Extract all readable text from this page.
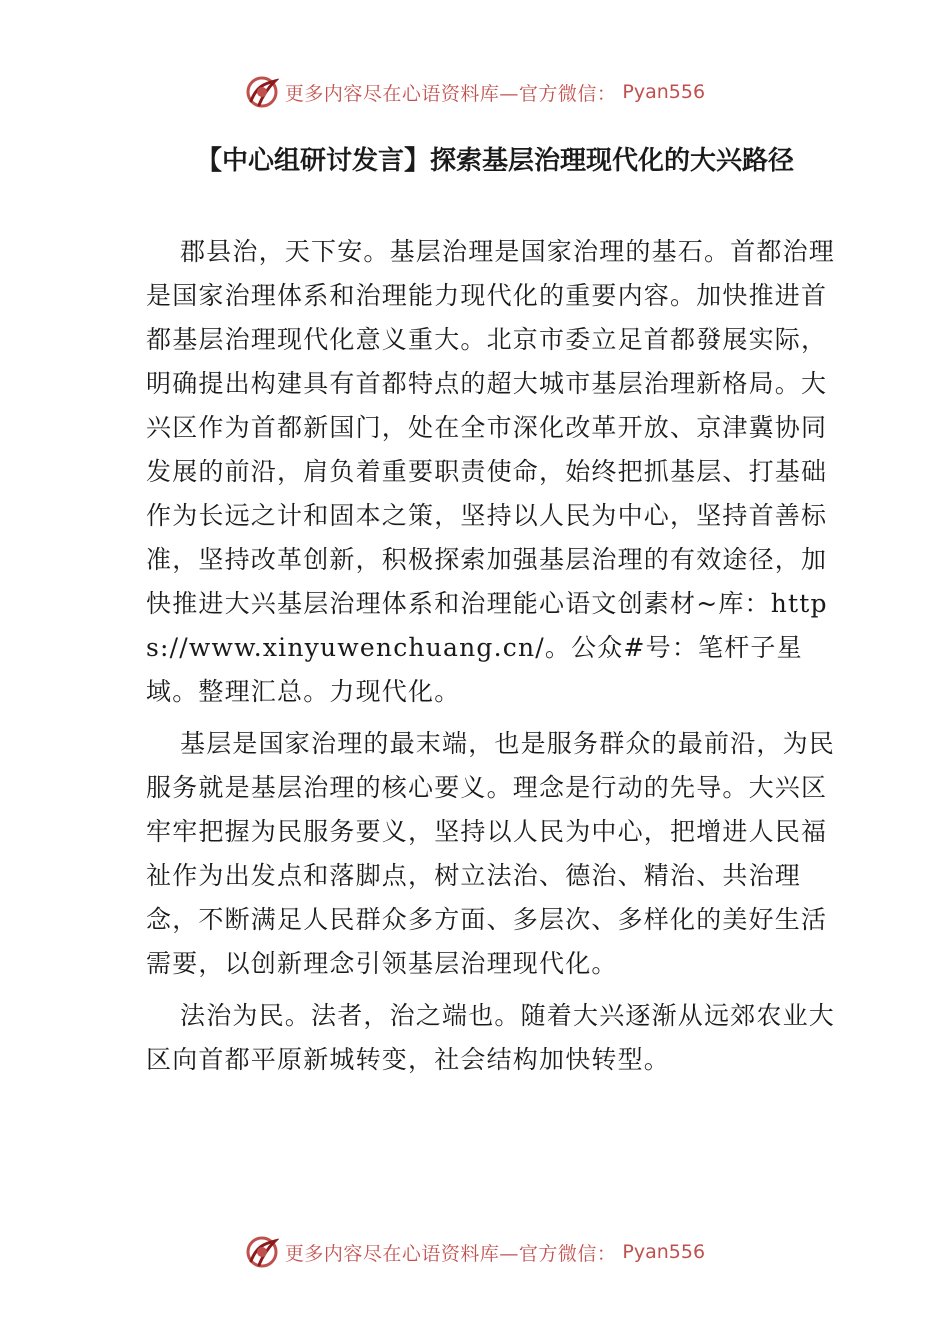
更多内容尽在心语资料库—官方微信： Pyan556
【中心组研讨发言】探索基层治理现代化的大兴路径

郡县治，天下安。基层治理是国家治理的基石。首都治理是国家治理体系和治理能力现代化的重要内容。加快推进首都基层治理现代化意义重大。北京市委立足首都發展实际，明确提出构建具有首都特点的超大城市基层治理新格局。大兴区作为首都新国门，处在全市深化改革开放、京津冀协同发展的前沿，肩负着重要职责使命，始终把抓基层、打基础作为长远之计和固本之策，坚持以人民为中心，坚持首善标准，坚持改革创新，积极探索加强基层治理的有效途径，加快推进大兴基层治理体系和治理能心语文创素材~库：https://www.xinyuwenchuang.cn/。公众#号：笔杆子星域。整理汇总。力现代化。

基层是国家治理的最末端，也是服务群众的最前沿，为民服务就是基层治理的核心要义。理念是行动的先导。大兴区牢牢把握为民服务要义，坚持以人民为中心，把增进人民福祉作为出发点和落脚点，树立法治、德治、精治、共治理念，不断满足人民群众多方面、多层次、多样化的美好生活需要，以创新理念引领基层治理现代化。

法治为民。法者，治之端也。随着大兴逐渐从远郊农业大区向首都平原新城转变，社会结构加快转型。

更多内容尽在心语资料库—官方微信： Pyan556
